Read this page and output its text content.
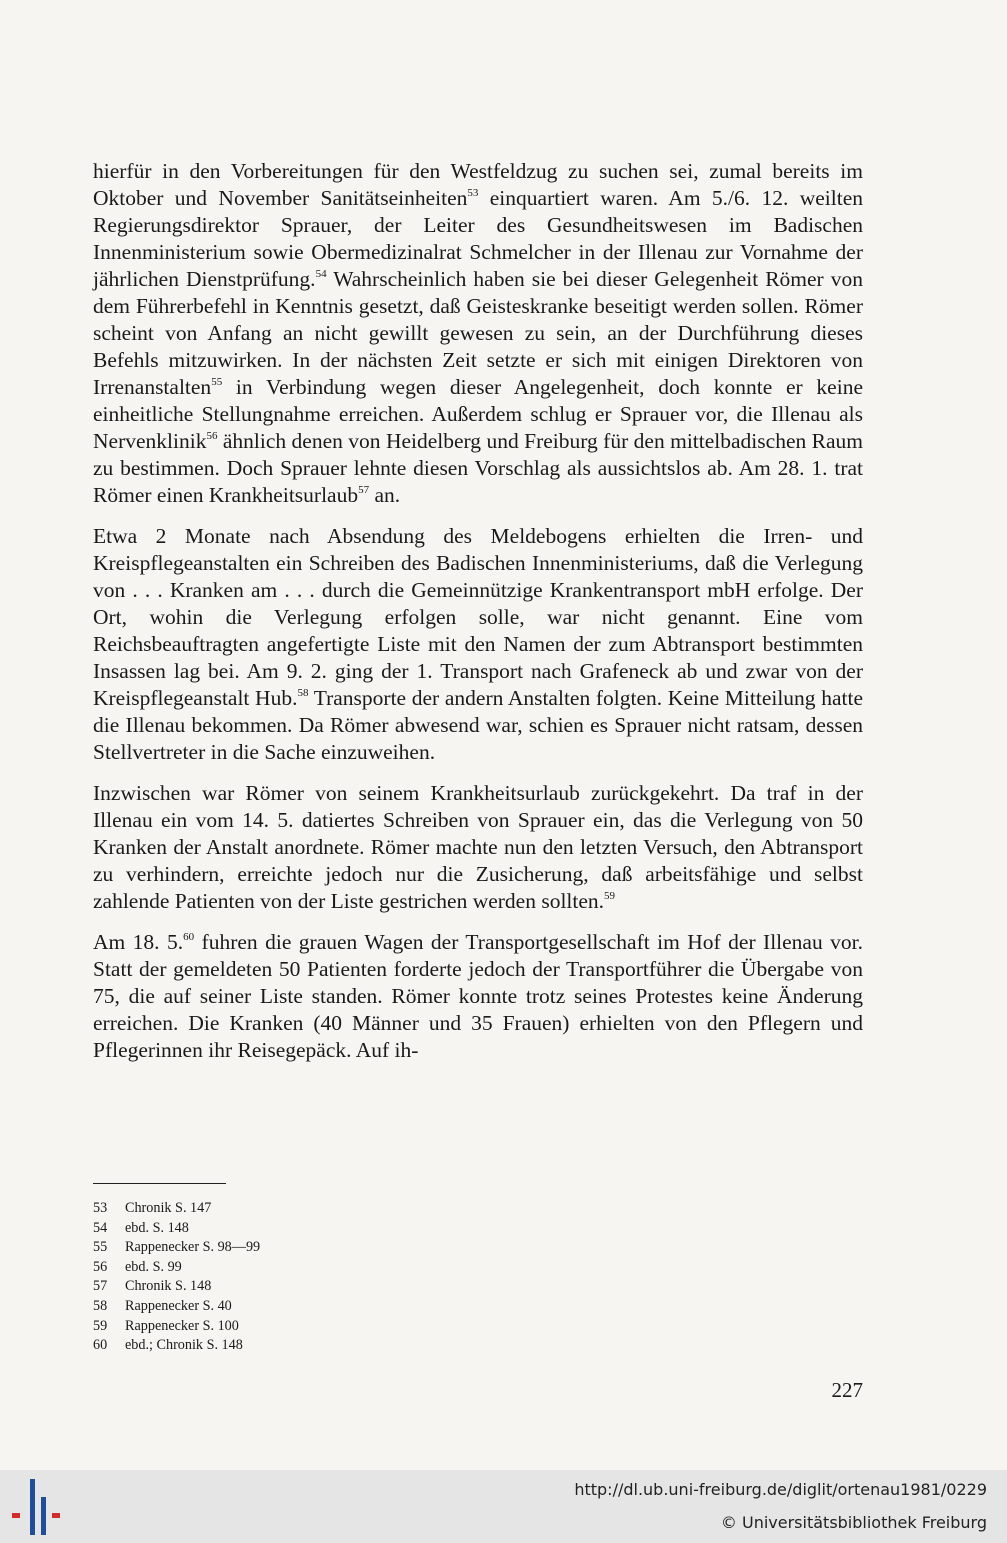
hierfür in den Vorbereitungen für den Westfeldzug zu suchen sei, zumal bereits im Oktober und November Sanitätseinheiten$^{53}$ einquartiert waren. Am 5./6. 12. weilten Regierungsdirektor Sprauer, der Leiter des Gesundheitswesen im Badischen Innenministerium sowie Obermedizinalrat Schmelcher in der Illenau zur Vornahme der jährlichen Dienstprüfung.$^{54}$ Wahrscheinlich haben sie bei dieser Gelegenheit Römer von dem Führerbefehl in Kenntnis gesetzt, daß Geisteskranke beseitigt werden sollen. Römer scheint von Anfang an nicht gewillt gewesen zu sein, an der Durchführung dieses Befehls mitzuwirken. In der nächsten Zeit setzte er sich mit einigen Direktoren von Irrenanstalten$^{55}$ in Verbindung wegen dieser Angelegenheit, doch konnte er keine einheitliche Stellungnahme erreichen. Außerdem schlug er Sprauer vor, die Illenau als Nervenklinik$^{56}$ ähnlich denen von Heidelberg und Freiburg für den mittelbadischen Raum zu bestimmen. Doch Sprauer lehnte diesen Vorschlag als aussichtslos ab. Am 28. 1. trat Römer einen Krankheitsurlaub$^{57}$ an.

Etwa 2 Monate nach Absendung des Meldebogens erhielten die Irren- und Kreispflegeanstalten ein Schreiben des Badischen Innenministeriums, daß die Verlegung von . . . Kranken am . . . durch die Gemeinnützige Krankentransport mbH erfolge. Der Ort, wohin die Verlegung erfolgen solle, war nicht genannt. Eine vom Reichsbeauftragten angefertigte Liste mit den Namen der zum Abtransport bestimmten Insassen lag bei. Am 9. 2. ging der 1. Transport nach Grafeneck ab und zwar von der Kreispflegeanstalt Hub.$^{58}$ Transporte der andern Anstalten folgten. Keine Mitteilung hatte die Illenau bekommen. Da Römer abwesend war, schien es Sprauer nicht ratsam, dessen Stellvertreter in die Sache einzuweihen.

Inzwischen war Römer von seinem Krankheitsurlaub zurückgekehrt. Da traf in der Illenau ein vom 14. 5. datiertes Schreiben von Sprauer ein, das die Verlegung von 50 Kranken der Anstalt anordnete. Römer machte nun den letzten Versuch, den Abtransport zu verhindern, erreichte jedoch nur die Zusicherung, daß arbeitsfähige und selbst zahlende Patienten von der Liste gestrichen werden sollten.$^{59}$

Am 18. 5.60 fuhren die grauen Wagen der Transportgesellschaft im Hof der Illenau vor. Statt der gemeldeten 50 Patienten forderte jedoch der Transportführer die Übergabe von 75, die auf seiner Liste standen. Römer konnte trotz seines Protestes keine Änderung erreichen. Die Kranken (40 Männer und 35 Frauen) erhielten von den Pflegern und Pflegerinnen ihr Reisegepäck. Auf ih-

53	Chronik S. 147
54	ebd. S. 148
55	Rappenecker S. 98—99
56	ebd. S. 99
57	Chronik S. 148
58	Rappenecker S. 40
59	Rappenecker S. 100
60	ebd.; Chronik S. 148
227
http://dl.ub.uni-freiburg.de/diglit/ortenau1981/0229
© Universitätsbibliothek Freiburg
